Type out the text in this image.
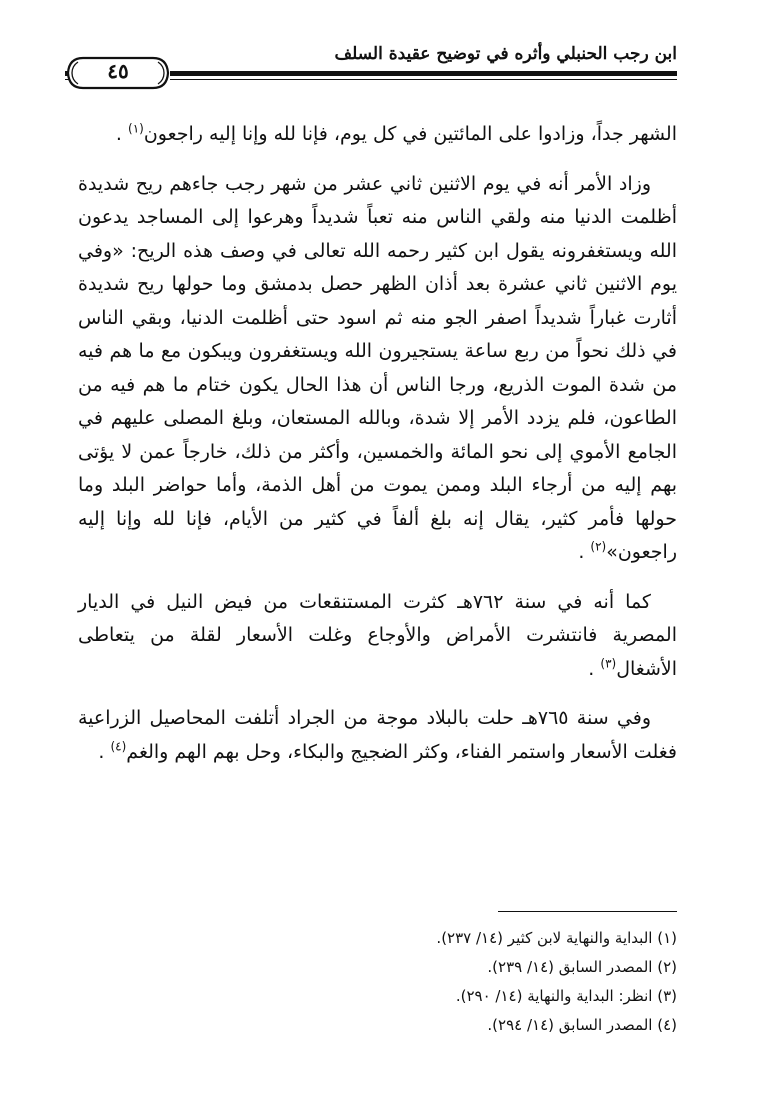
ابن رجب الحنبلي وأثره في توضيح عقيدة السلف
٤٥

الشهر جداً، وزادوا على المائتين في كل يوم، فإنا لله وإنا إليه راجعون$^{(١)}$ .

وزاد الأمر أنه في يوم الاثنين ثاني عشر من شهر رجب جاءهم ريح شديدة أظلمت الدنيا منه ولقي الناس منه تعباً شديداً وهرعوا إلى المساجد يدعون الله ويستغفرونه يقول ابن كثير رحمه الله تعالى في وصف هذه الريح: «وفي يوم الاثنين ثاني عشرة بعد أذان الظهر حصل بدمشق وما حولها ريح شديدة أثارت غباراً شديداً اصفر الجو منه ثم اسود حتى أظلمت الدنيا، وبقي الناس في ذلك نحواً من ربع ساعة يستجيرون الله ويستغفرون ويبكون مع ما هم فيه من شدة الموت الذريع، ورجا الناس أن هذا الحال يكون ختام ما هم فيه من الطاعون، فلم يزدد الأمر إلا شدة، وبالله المستعان، وبلغ المصلى عليهم في الجامع الأموي إلى نحو المائة والخمسين، وأكثر من ذلك، خارجاً عمن لا يؤتى بهم إليه من أرجاء البلد وممن يموت من أهل الذمة، وأما حواضر البلد وما حولها فأمر كثير، يقال إنه بلغ ألفاً في كثير من الأيام، فإنا لله وإنا إليه راجعون»$^{(٢)}$ .

كما أنه في سنة ٧٦٢هـ كثرت المستنقعات من فيض النيل في الديار المصرية فانتشرت الأمراض والأوجاع وغلت الأسعار لقلة من يتعاطى الأشغال$^{(٣)}$ .

وفي سنة ٧٦٥هـ حلت بالبلاد موجة من الجراد أتلفت المحاصيل الزراعية فغلت الأسعار واستمر الفناء، وكثر الضجيج والبكاء، وحل بهم الهم والغم$^{(٤)}$ .

(١) البداية والنهاية لابن كثير (١٤/ ٢٣٧).

(٢) المصدر السابق (١٤/ ٢٣٩).

(٣) انظر: البداية والنهاية (١٤/ ٢٩٠).

(٤) المصدر السابق (١٤/ ٢٩٤).
